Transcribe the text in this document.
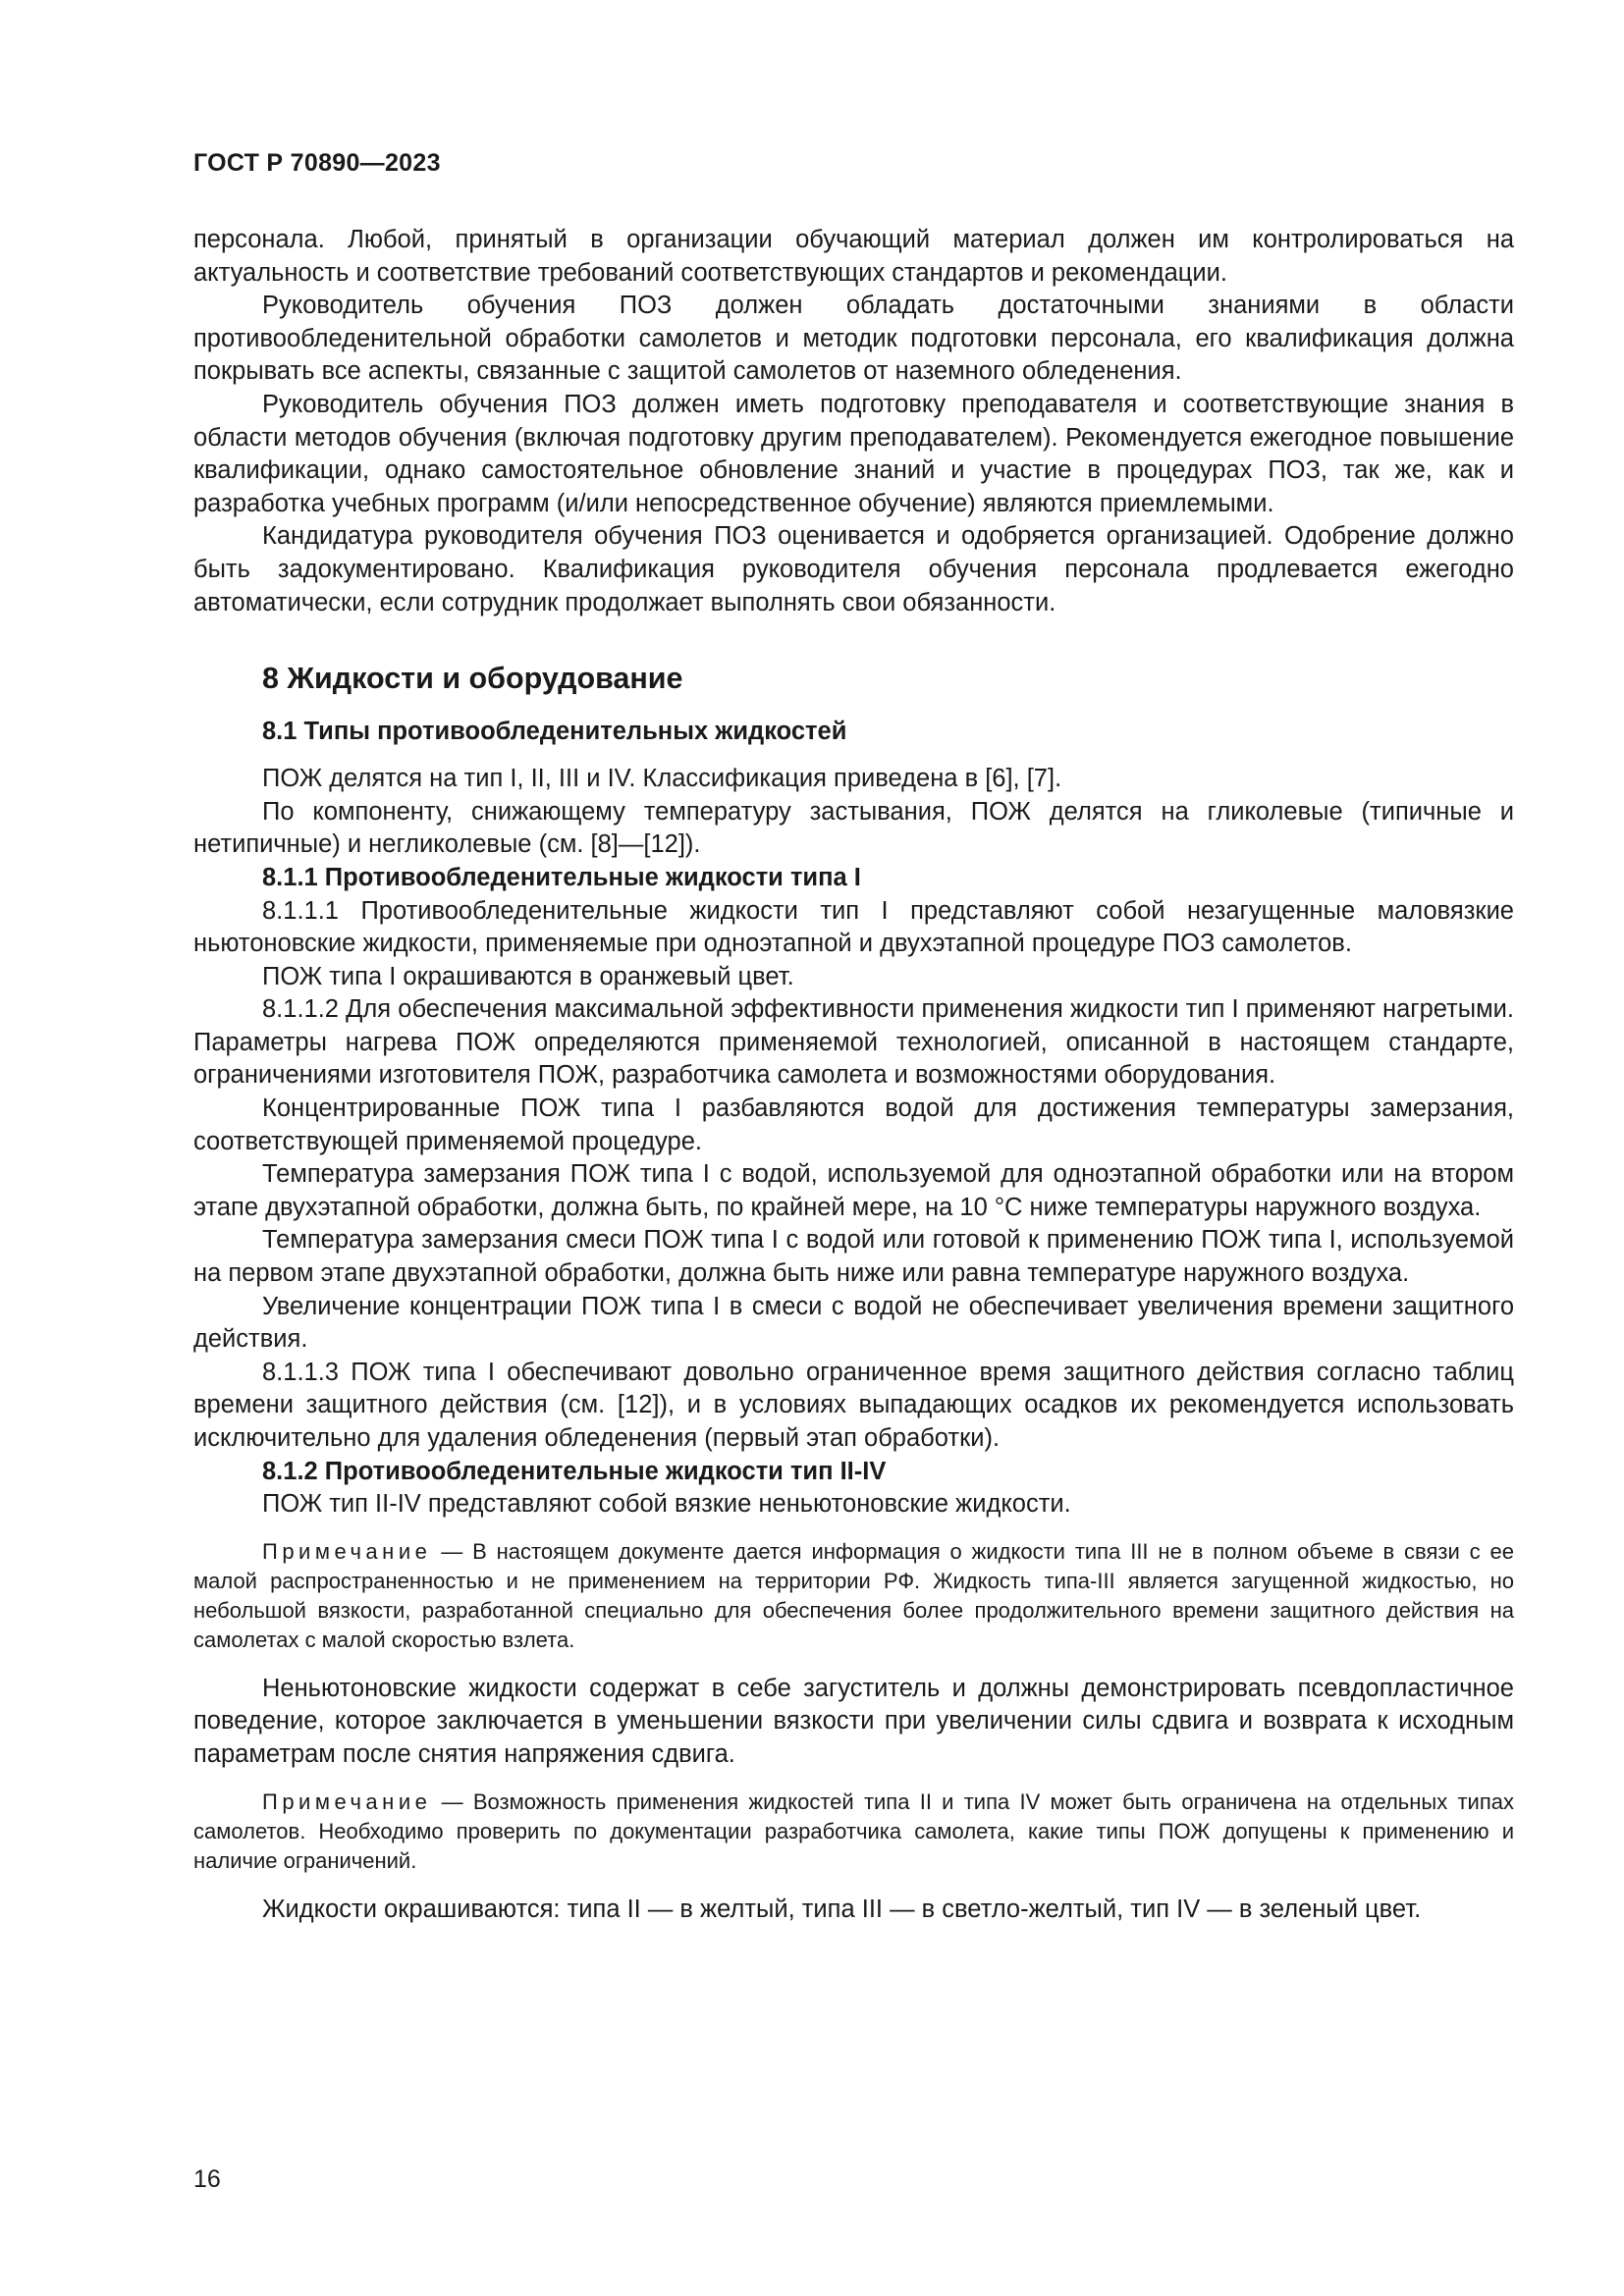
ГОСТ Р 70890—2023

персонала. Любой, принятый в организации обучающий материал должен им контролироваться на актуальность и соответствие требований соответствующих стандартов и рекомендации.

Руководитель обучения ПОЗ должен обладать достаточными знаниями в области противообледенительной обработки самолетов и методик подготовки персонала, его квалификация должна покрывать все аспекты, связанные с защитой самолетов от наземного обледенения.

Руководитель обучения ПОЗ должен иметь подготовку преподавателя и соответствующие знания в области методов обучения (включая подготовку другим преподавателем). Рекомендуется ежегодное повышение квалификации, однако самостоятельное обновление знаний и участие в процедурах ПОЗ, так же, как и разработка учебных программ (и/или непосредственное обучение) являются приемлемыми.

Кандидатура руководителя обучения ПОЗ оценивается и одобряется организацией. Одобрение должно быть задокументировано. Квалификация руководителя обучения персонала продлевается ежегодно автоматически, если сотрудник продолжает выполнять свои обязанности.

8 Жидкости и оборудование
8.1 Типы противообледенительных жидкостей

ПОЖ делятся на тип I, II, III и IV. Классификация приведена в [6], [7].

По компоненту, снижающему температуру застывания, ПОЖ делятся на гликолевые (типичные и нетипичные) и негликолевые (см. [8]—[12]).

8.1.1 Противообледенительные жидкости типа I

8.1.1.1 Противообледенительные жидкости тип I представляют собой незагущенные маловязкие ньютоновские жидкости, применяемые при одноэтапной и двухэтапной процедуре ПОЗ самолетов.

ПОЖ типа I окрашиваются в оранжевый цвет.

8.1.1.2 Для обеспечения максимальной эффективности применения жидкости тип I применяют нагретыми. Параметры нагрева ПОЖ определяются применяемой технологией, описанной в настоящем стандарте, ограничениями изготовителя ПОЖ, разработчика самолета и возможностями оборудования.

Концентрированные ПОЖ типа I разбавляются водой для достижения температуры замерзания, соответствующей применяемой процедуре.

Температура замерзания ПОЖ типа I с водой, используемой для одноэтапной обработки или на втором этапе двухэтапной обработки, должна быть, по крайней мере, на 10 °С ниже температуры наружного воздуха.

Температура замерзания смеси ПОЖ типа I с водой или готовой к применению ПОЖ типа I, используемой на первом этапе двухэтапной обработки, должна быть ниже или равна температуре наружного воздуха.

Увеличение концентрации ПОЖ типа I в смеси с водой не обеспечивает увеличения времени защитного действия.

8.1.1.3 ПОЖ типа I обеспечивают довольно ограниченное время защитного действия согласно таблиц времени защитного действия (см. [12]), и в условиях выпадающих осадков их рекомендуется использовать исключительно для удаления обледенения (первый этап обработки).

8.1.2 Противообледенительные жидкости тип II-IV

ПОЖ тип II-IV представляют собой вязкие неньютоновские жидкости.

Примечание — В настоящем документе дается информация о жидкости типа III не в полном объеме в связи с ее малой распространенностью и не применением на территории РФ. Жидкость типа-III является загущенной жидкостью, но небольшой вязкости, разработанной специально для обеспечения более продолжительного времени защитного действия на самолетах с малой скоростью взлета.

Неньютоновские жидкости содержат в себе загуститель и должны демонстрировать псевдопластичное поведение, которое заключается в уменьшении вязкости при увеличении силы сдвига и возврата к исходным параметрам после снятия напряжения сдвига.

Примечание — Возможность применения жидкостей типа II и типа IV может быть ограничена на отдельных типах самолетов. Необходимо проверить по документации разработчика самолета, какие типы ПОЖ допущены к применению и наличие ограничений.

Жидкости окрашиваются: типа II — в желтый, типа III — в светло-желтый, тип IV — в зеленый цвет.

16
